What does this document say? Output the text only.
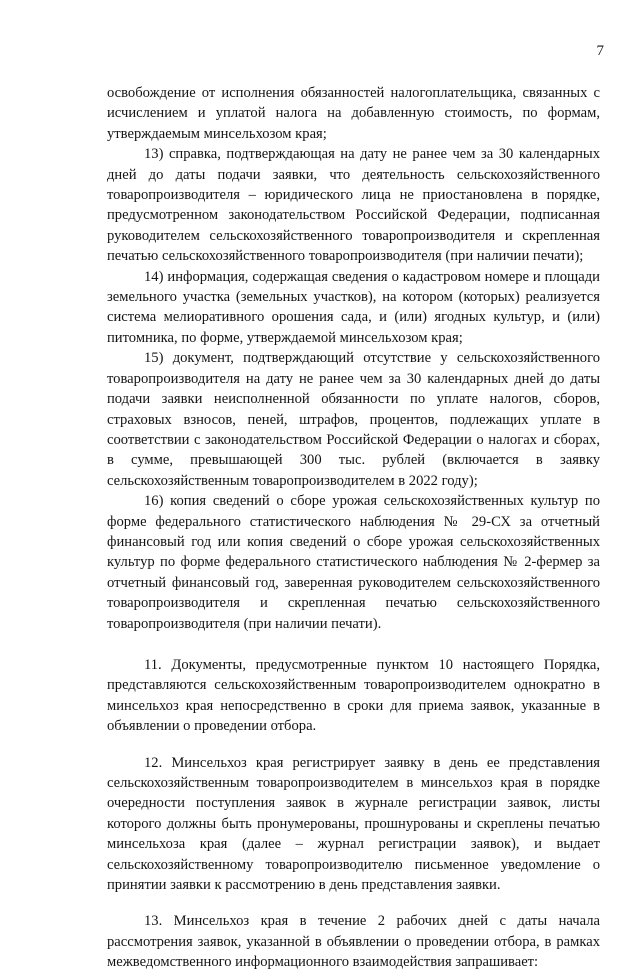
7

освобождение от исполнения обязанностей налогоплательщика, связанных с исчислением и уплатой налога на добавленную стоимость, по формам, утверждаемым минсельхозом края;

13) справка, подтверждающая на дату не ранее чем за 30 календарных дней до даты подачи заявки, что деятельность сельскохозяйственного товаропроизводителя – юридического лица не приостановлена в порядке, предусмотренном законодательством Российской Федерации, подписанная руководителем сельскохозяйственного товаропроизводителя и скрепленная печатью сельскохозяйственного товаропроизводителя (при наличии печати);

14) информация, содержащая сведения о кадастровом номере и площади земельного участка (земельных участков), на котором (которых) реализуется система мелиоративного орошения сада, и (или) ягодных культур, и (или) питомника, по форме, утверждаемой минсельхозом края;

15) документ, подтверждающий отсутствие у сельскохозяйственного товаропроизводителя на дату не ранее чем за 30 календарных дней до даты подачи заявки неисполненной обязанности по уплате налогов, сборов, страховых взносов, пеней, штрафов, процентов, подлежащих уплате в соответствии с законодательством Российской Федерации о налогах и сборах, в сумме, превышающей 300 тыс. рублей (включается в заявку сельскохозяйственным товаропроизводителем в 2022 году);

16) копия сведений о сборе урожая сельскохозяйственных культур по форме федерального статистического наблюдения № 29-СХ за отчетный финансовый год или копия сведений о сборе урожая сельскохозяйственных культур по форме федерального статистического наблюдения № 2-фермер за отчетный финансовый год, заверенная руководителем сельскохозяйственного товаропроизводителя и скрепленная печатью сельскохозяйственного товаропроизводителя (при наличии печати).

11. Документы, предусмотренные пунктом 10 настоящего Порядка, представляются сельскохозяйственным товаропроизводителем однократно в минсельхоз края непосредственно в сроки для приема заявок, указанные в объявлении о проведении отбора.

12. Минсельхоз края регистрирует заявку в день ее представления сельскохозяйственным товаропроизводителем в минсельхоз края в порядке очередности поступления заявок в журнале регистрации заявок, листы которого должны быть пронумерованы, прошнурованы и скреплены печатью минсельхоза края (далее – журнал регистрации заявок), и выдает сельскохозяйственному товаропроизводителю письменное уведомление о принятии заявки к рассмотрению в день представления заявки.

13. Минсельхоз края в течение 2 рабочих дней с даты начала рассмотрения заявок, указанной в объявлении о проведении отбора, в рамках межведомственного информационного взаимодействия запрашивает:
